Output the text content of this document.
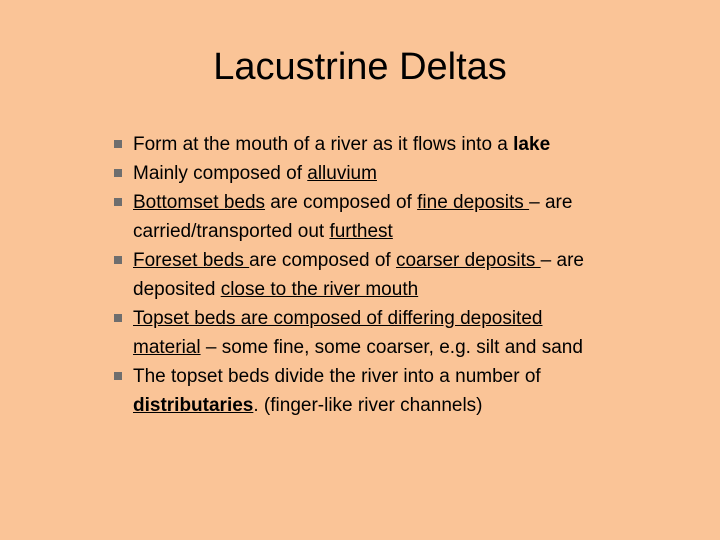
Lacustrine Deltas
Form at the mouth of a river as it flows into a lake
Mainly composed of alluvium
Bottomset beds are composed of fine deposits – are
carried/transported out furthest
Foreset beds are composed of coarser deposits – are
deposited close to the river mouth
Topset beds are composed of differing deposited
material – some fine, some coarser, e.g. silt and sand
The topset beds divide the river into a number of
distributaries. (finger-like river channels)
